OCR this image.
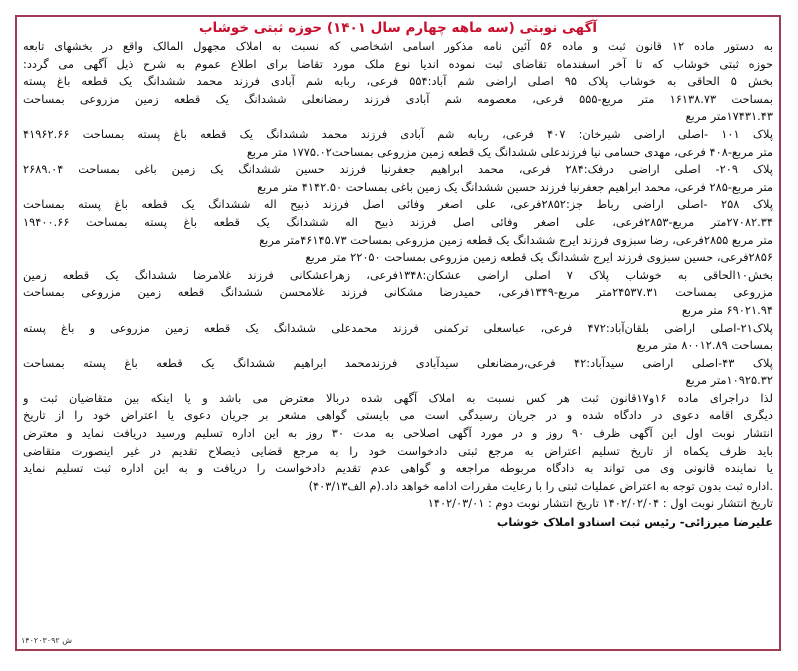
آگهی نوبتی (سه ماهه چهارم سال ۱۴۰۱) حوزه ثبتی خوشاب
به دستور ماده ۱۲ قانون ثبت و ماده ۵۶ آئین نامه مذکور اسامی اشخاصی که نسبت به املاک مجهول المالک واقع در بخشهای تابعه
حوزه ثبتی خوشاب که تا آخر اسفندماه تقاضای ثبت نموده اندیا نوع ملک مورد تقاضا برای اطلاع عموم به شرح ذیل آگهی می گردد:
بخش ۵ الحاقی به خوشاب پلاک ۹۵ اصلی اراضی شم آباد:۵۵۴ فرعی، ربابه شم آبادی فرزند محمد ششدانگ یک قطعه باغ پسته
بمساحت ۱۶۱۳۸.۷۳ متر مربع-۵۵۵ فرعی، معصومه شم آبادی فرزند رمضانعلی ششدانگ یک قطعه زمین مزروعی بمساحت
۱۷۴۳۱.۴۳متر مربع
پلاک ۱۰۱ -اصلی اراضی شیرخان: ۴۰۷ فرعی، ربابه شم آبادی فرزند محمد ششدانگ یک قطعه باغ پسته بمساحت ۴۱۹۶۲.۶۶
متر مربع-۴۰۸ فرعی، مهدی حسامی نیا فرزندعلی ششدانگ یک قطعه زمین مزروعی بمساحت۱۷۷۵.۰۲ متر مربع
پلاک ۲۰۹- اصلی اراضی درفک:۲۸۴ فرعی، محمد ابراهیم جعفرنیا فرزند حسین ششدانگ یک زمین باغی بمساحت ۲۶۸۹.۰۴
متر مربع-۲۸۵ فرعی، محمد ابراهیم جعفرنیا فرزند حسین ششدانگ یک زمین باغی بمساحت ۴۱۴۲.۵۰ متر مربع
پلاک ۲۵۸ -اصلی اراضی رباط جز:۲۸۵۲فرعی، علی اصغر وفائی اصل فرزند ذبیح اله ششدانگ یک قطعه باغ پسته بمساحت
۲۷۰۸۲.۳۴متر مربع-۲۸۵۳فرعی، علی اصغر وفائی اصل فرزند ذبیح اله ششدانگ یک قطعه باغ پسته بمساحت ۱۹۴۰۰.۶۶
متر مربع ۲۸۵۵فرعی، رضا سبزوی فرزند ایرج ششدانگ یک قطعه زمین مزروعی بمساحت ۴۶۱۴۵.۷۳متر مربع
۲۸۵۶فرعی، حسین سبزوی فرزند ایرج ششدانگ یک قطعه زمین مزروعی بمساحت ۲۲۰۵۰ متر مربع
بخش۱۰الحاقی به خوشاب پلاک ۷ اصلی اراضی عشکان:۱۳۴۸فرعی، زهراعشکانی فرزند غلامرضا ششدانگ یک قطعه زمین
مزروعی بمساحت ۲۴۵۳۷.۳۱متر مربع-۱۳۴۹فرعی، حمیدرضا مشکانی فرزند غلامحسن ششدانگ قطعه زمین مزروعی بمساحت
۶۹۰۲۱.۹۴ متر مربع
پلاک۲۱-اصلی اراضی بلقان‌آباد:۴۷۲ فرعی، عباسعلی ترکمنی فرزند محمدعلی ششدانگ یک قطعه زمین مزروعی و باغ پسته
بمساحت ۸۰۰۱۲.۸۹ متر مربع
پلاک ۴۳-اصلی اراضی سیدآباد:۴۲ فرعی،رمضانعلی سیدآبادی فرزندمحمد ابراهیم ششدانگ یک قطعه باغ پسته بمساحت
۱۰۹۲۵.۳۲متر مربع
لذا دراجرای ماده ۱۶و۱۷قانون ثبت هر کس نسبت به املاک آگهی شده دربالا معترض می باشد و یا اینکه بین متقاضیان ثبت و
دیگری اقامه دعوی در دادگاه شده و در جریان رسیدگی است می بایستی گواهی مشعر بر جریان دعوی یا اعتراض خود را از تاریخ
انتشار نوبت اول این آگهی ظرف ۹۰ روز و در مورد آگهی اصلاحی به مدت ۳۰ روز به این اداره تسلیم ورسید دریافت نماید و معترض
باید ظرف یکماه از تاریخ تسلیم اعتراض به مرجع ثبتی دادخواست خود را به مرجع قضایی ذیصلاح تقدیم در غیر اینصورت متقاضی
یا نماینده قانونی وی می تواند به دادگاه مربوطه مراجعه و گواهی عدم تقدیم دادخواست را دریافت و به این اداره ثبت تسلیم نماید
.اداره ثبت بدون توجه به اعتراض عملیات ثبتی را با رعایت مقررات ادامه خواهد داد.(م الف۴۰۳/۱۳)
تاریخ انتشار نوبت اول : ۱۴۰۲/۰۲/۰۴ تاریخ انتشار نوبت دوم : ۱۴۰۲/۰۳/۰۱
علیرضا میرزائی- رئیس ثبت اسنادو املاک خوشاب
ش ۱۴۰۲۰۳۰۹۲
